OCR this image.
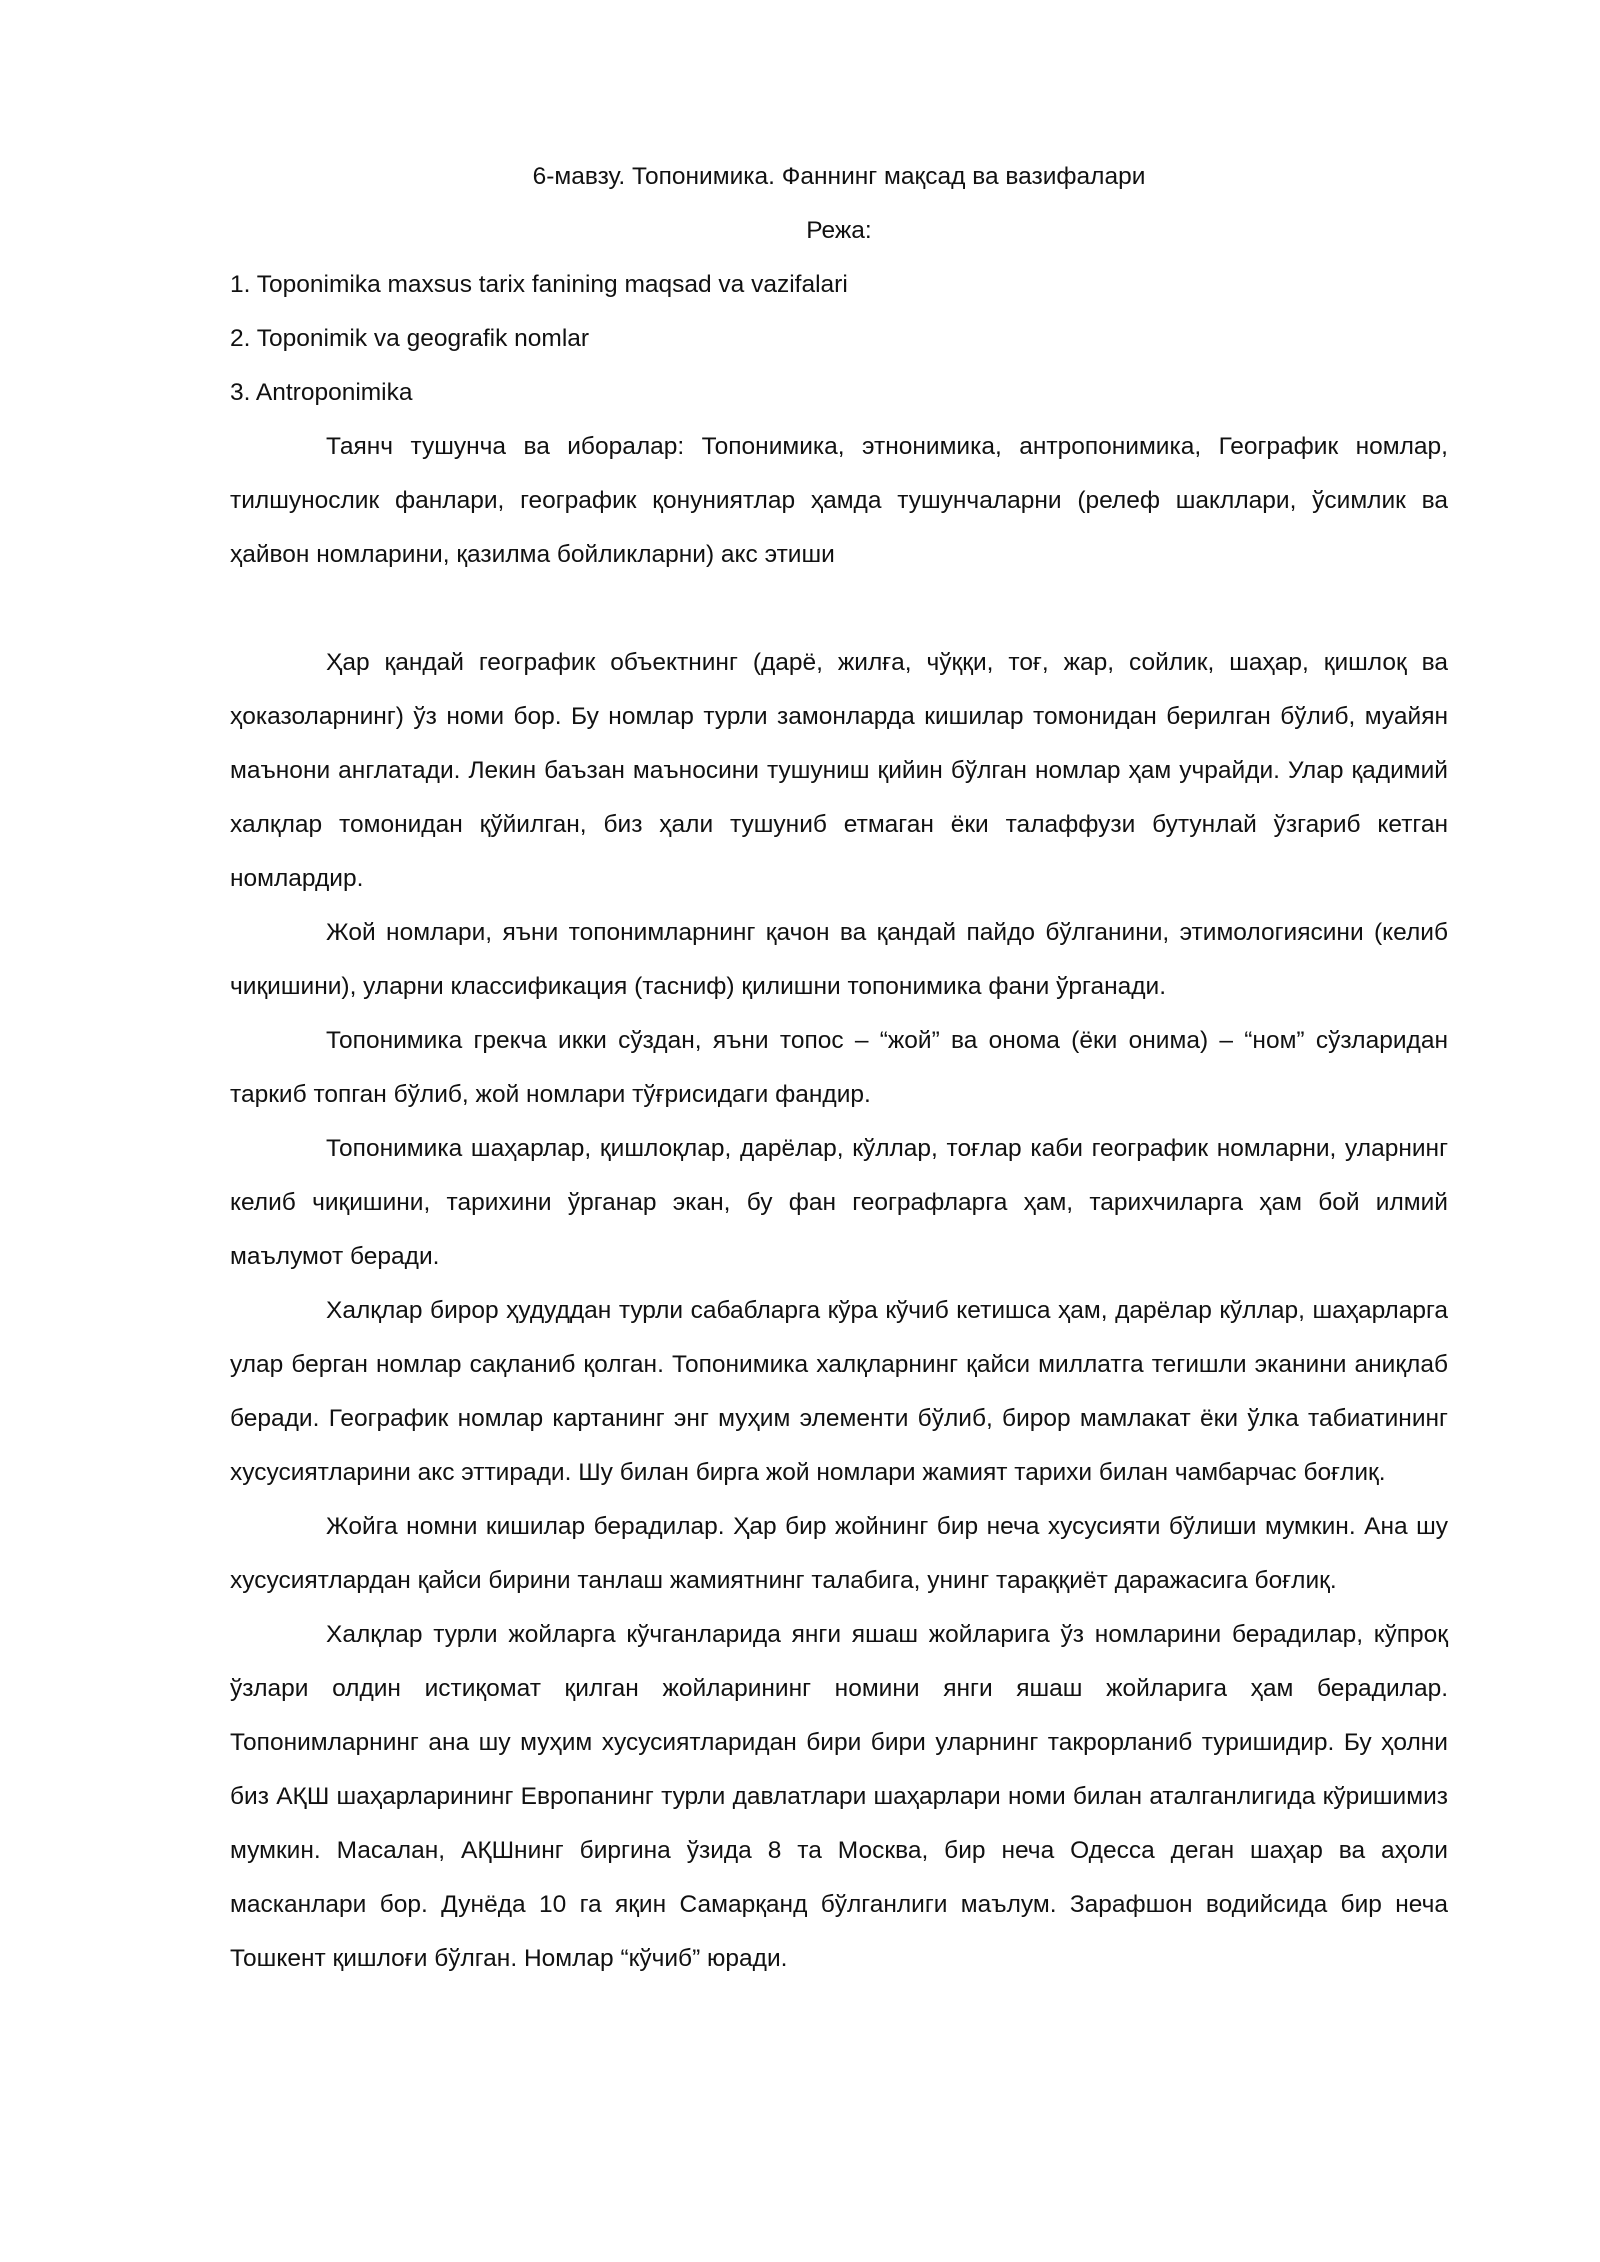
6-мавзу. Топонимика. Фаннинг мақсад ва вазифалари

Режа:

1. Toponimika maxsus tarix fanining maqsad va vazifalari

2. Toponimik va geografik nomlar

3. Antroponimika

Таянч тушунча ва иборалар: Топонимика, этнонимика, антропонимика, Географик номлар, тилшунослик фанлари, географик қонуниятлар ҳамда тушунчаларни (релеф шакллари, ўсимлик ва ҳайвон номларини, қазилма бойликларни) акс этиши

Ҳар қандай географик объектнинг (дарё, жилға, чўққи, тоғ, жар, сойлик, шаҳар, қишлоқ ва ҳоказоларнинг) ўз номи бор. Бу номлар турли замонларда кишилар томонидан берилган бўлиб, муайян маънони англатади. Лекин баъзан маъносини тушуниш қийин бўлган номлар ҳам учрайди. Улар қадимий халқлар томонидан қўйилган, биз ҳали тушуниб етмаган ёки талаффузи бутунлай ўзгариб кетган номлардир.

Жой номлари, яъни топонимларнинг қачон ва қандай пайдо бўлганини, этимологиясини (келиб чиқишини), уларни классификация (тасниф) қилишни топонимика фани ўрганади.

Топонимика грекча икки сўздан, яъни топос – “жой” ва онома (ёки онима) – “ном” сўзларидан таркиб топган бўлиб, жой номлари тўғрисидаги фандир.

Топонимика шаҳарлар, қишлоқлар, дарёлар, кўллар, тоғлар каби географик номларни, уларнинг келиб чиқишини, тарихини ўрганар экан, бу фан географларга ҳам, тарихчиларга ҳам бой илмий маълумот беради.

Халқлар бирор ҳудуддан турли сабабларга кўра кўчиб кетишса ҳам, дарёлар кўллар, шаҳарларга улар берган номлар сақланиб қолган. Топонимика халқларнинг қайси миллатга тегишли эканини аниқлаб беради. Географик номлар картанинг энг муҳим элементи бўлиб, бирор мамлакат ёки ўлка табиатининг хусусиятларини акс эттиради. Шу билан бирга жой номлари жамият тарихи билан чамбарчас боғлиқ.

Жойга номни кишилар берадилар. Ҳар бир жойнинг бир неча хусусияти бўлиши мумкин. Ана шу хусусиятлардан қайси бирини танлаш жамиятнинг талабига, унинг тараққиёт даражасига боғлиқ.

Халқлар турли жойларга кўчганларида янги яшаш жойларига ўз номларини берадилар, кўпроқ ўзлари олдин истиқомат қилган жойларининг номини янги яшаш жойларига ҳам берадилар. Топонимларнинг ана шу муҳим хусусиятларидан бири бири уларнинг такрорланиб туришидир. Бу ҳолни биз АҚШ шаҳарларининг Европанинг турли давлатлари шаҳарлари номи билан аталганлигида кўришимиз мумкин. Масалан, АҚШнинг биргина ўзида 8 та Москва, бир неча Одесса деган шаҳар ва аҳоли масканлари бор. Дунёда 10 га яқин Самарқанд бўлганлиги маълум. Зарафшон водийсида бир неча Тошкент қишлоғи бўлган. Номлар “кўчиб” юради.
